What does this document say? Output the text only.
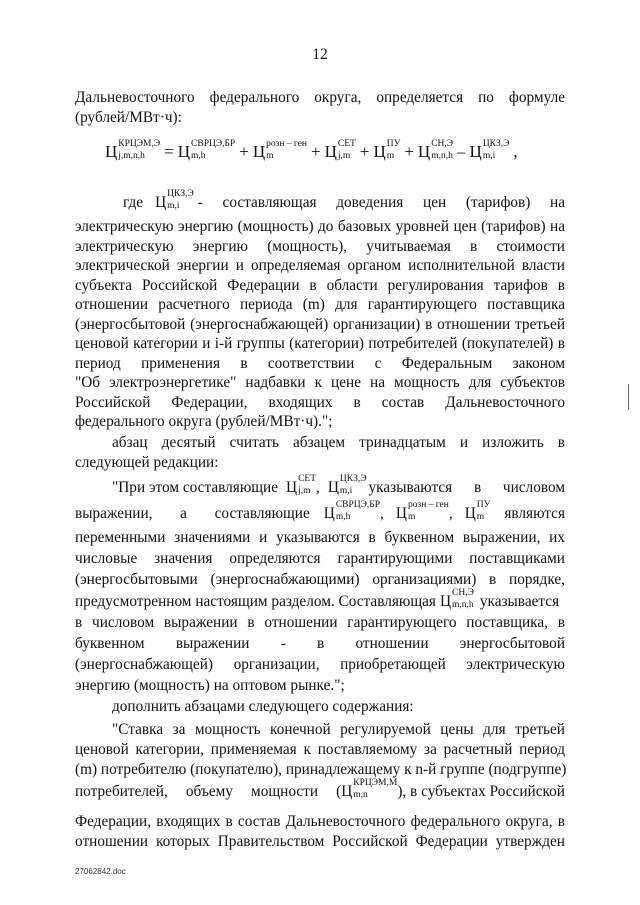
12
Дальневосточного федерального округа, определяется по формуле
(рублей/МВт·ч):
Ц КРЦЭМ,Э
j,m,n,h	= Ц СВРЦЭ,БР
m,h	+ Ц розн – ген
m	+ Ц СЕТ
j,m + Ц ПУ
m + Ц СН,Э
m,n,h – Ц ЦКЗ,Э
m,i	,
где Ц ЦКЗ,Э
m,i	- составляющая доведения цен (тарифов) на
электрическую энергию (мощность) до базовых уровней цен (тарифов) на
электрическую энергию (мощность), учитываемая в стоимости
электрической энергии и определяемая органом исполнительной власти
субъекта Российской Федерации в области регулирования тарифов в
отношении расчетного периода (m) для гарантирующего поставщика
(энергосбытовой (энергоснабжающей) организации) в отношении третьей
ценовой категории и i-й группы (категории) потребителей (покупателей) в
период применения в соответствии с Федеральным законом
"Об электроэнергетике" надбавки к цене на мощность для субъектов
Российской Федерации, входящих в состав Дальневосточного
федерального округа (рублей/МВт·ч).";
абзац десятый считать абзацем тринадцатым и изложить в
следующей редакции:
"При этом составляющие Ц СЕТ
j,m , Ц ЦКЗ,Э
m,i	указываются в числовом
выражении, а составляющие Ц СВРЦЭ,БР
m,h	, Ц розн – ген
m	, Ц ПУ
m	являются
переменными значениями и указываются в буквенном выражении, их
числовые значения определяются гарантирующими поставщиками
(энергосбытовыми (энергоснабжающими) организациями) в порядке,
предусмотренном настоящим разделом. Составляющая Ц СН,Э
m,n,h указывается
в числовом выражении в отношении гарантирующего поставщика, в
буквенном выражении - в отношении энергосбытовой
(энергоснабжающей) организации, приобретающей электрическую
энергию (мощность) на оптовом рынке.";
дополнить абзацами следующего содержания:
"Ставка за мощность конечной регулируемой цены для третьей
ценовой категории, применяемая к поставляемому за расчетный период
(m) потребителю (покупателю), принадлежащему к n-й группе (подгруппе)
потребителей, объему мощности ( Ц КРЦЭМ,М
m,n	), в субъектах Российской
Федерации, входящих в состав Дальневосточного федерального округа, в
отношении которых Правительством Российской Федерации утвержден
27062842.doc
